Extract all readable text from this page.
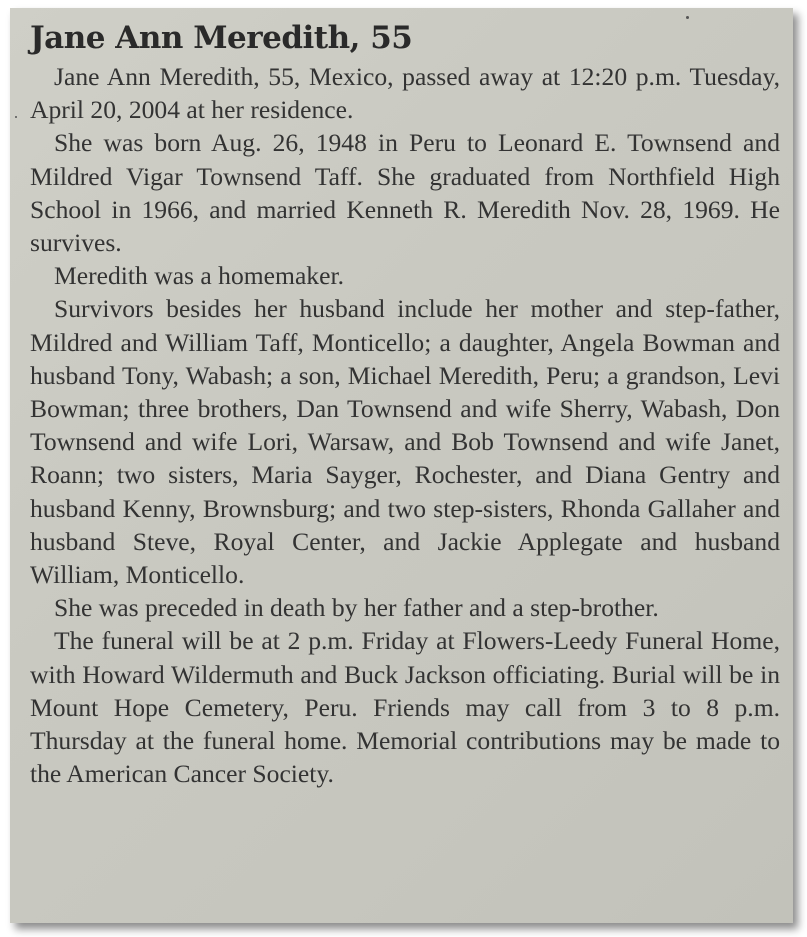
Jane Ann Meredith, 55

Jane Ann Meredith, 55, Mexico, passed away at 12:20 p.m. Tuesday, April 20, 2004 at her residence.

She was born Aug. 26, 1948 in Peru to Leonard E. Townsend and Mildred Vigar Townsend Taff. She graduated from Northfield High School in 1966, and married Kenneth R. Meredith Nov. 28, 1969. He survives.

Meredith was a homemaker.

Survivors besides her husband include her mother and step-father, Mildred and William Taff, Monticello; a daughter, Angela Bowman and husband Tony, Wabash; a son, Michael Meredith, Peru; a grandson, Levi Bowman; three brothers, Dan Townsend and wife Sherry, Wabash, Don Townsend and wife Lori, Warsaw, and Bob Townsend and wife Janet, Roann; two sisters, Maria Sayger, Rochester, and Diana Gentry and husband Kenny, Brownsburg; and two step-sisters, Rhonda Gallaher and husband Steve, Royal Center, and Jackie Applegate and husband William, Monticello.

She was preceded in death by her father and a step-brother.

The funeral will be at 2 p.m. Friday at Flowers-Leedy Funeral Home, with Howard Wildermuth and Buck Jackson officiating. Burial will be in Mount Hope Cemetery, Peru. Friends may call from 3 to 8 p.m. Thursday at the funeral home. Memorial contributions may be made to the American Cancer Society.
